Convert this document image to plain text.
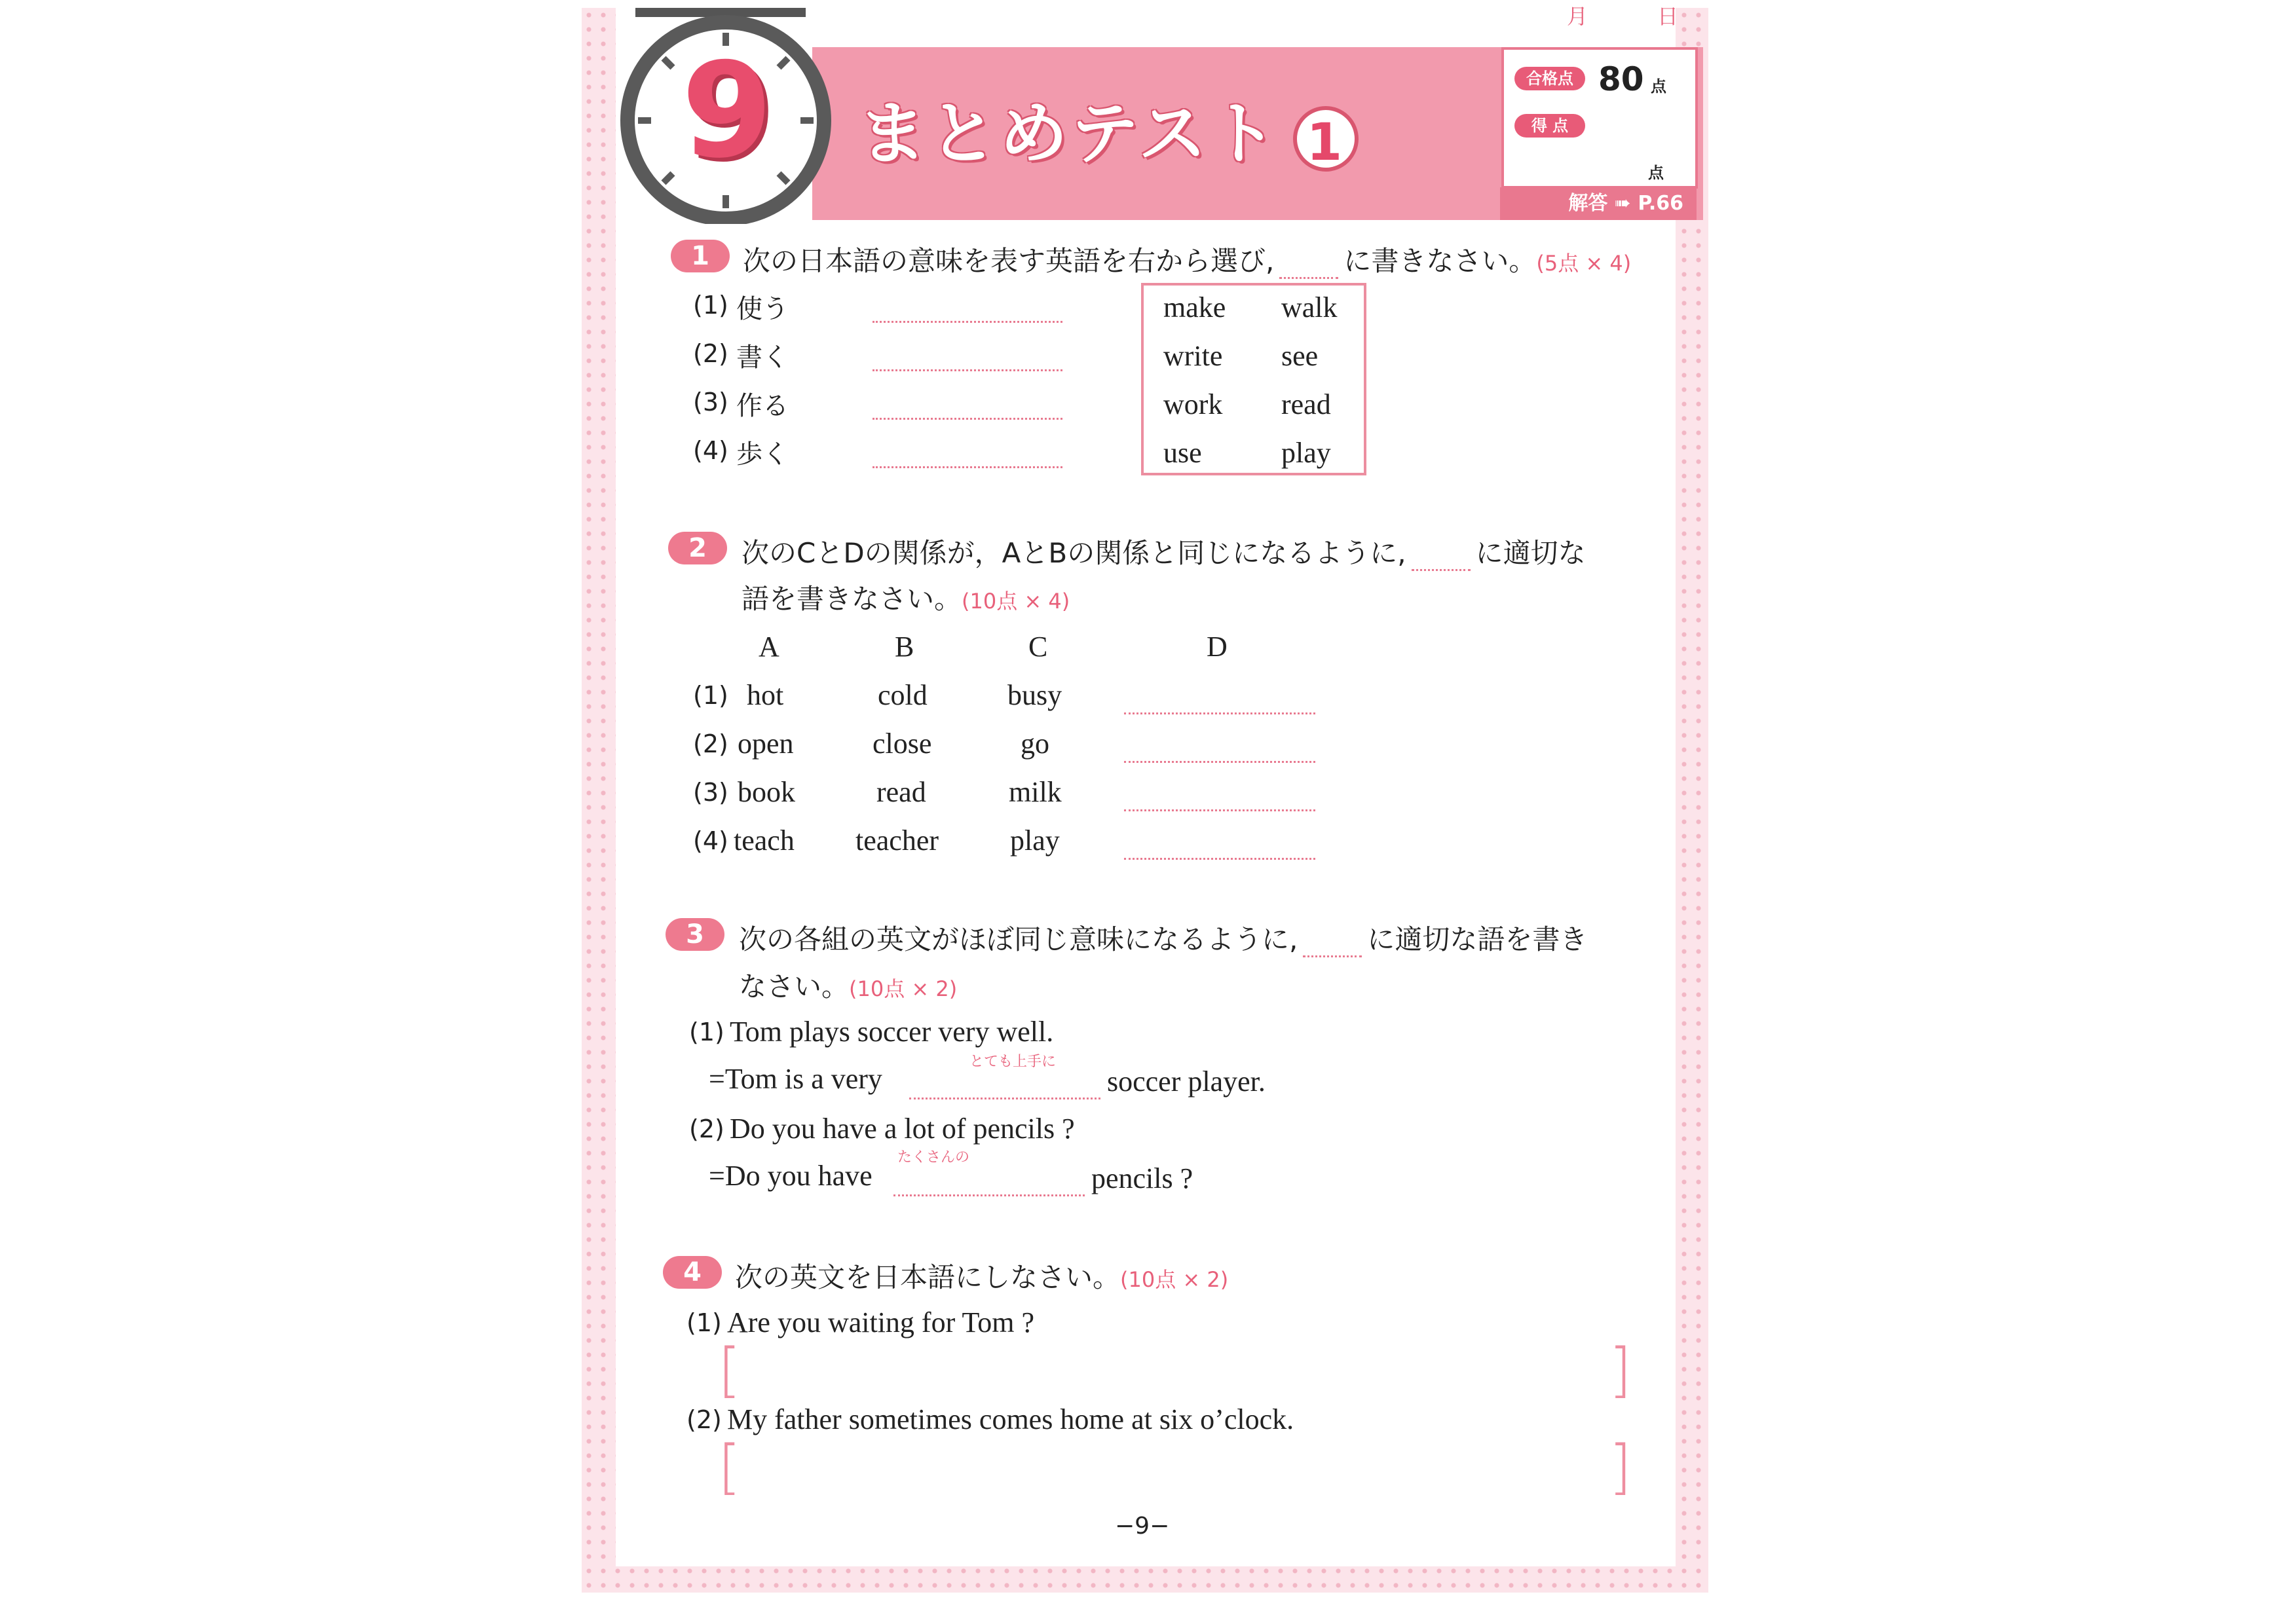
月	日
9 まとめテスト 1
合格点 80 点
得 点
点
解答 ➠ P.66
1	次の日本語の意味を表す英語を右から選び,	に書きなさい。(5点 × 4)
(1) 使う
(2) 書く
(3) 作る
(4) 歩く
make walk
write see
work read
use	play
2	次のCとDの関係が，AとBの関係と同じになるように,	に適切な
語を書きなさい。(10点 × 4)
A	B	C	D
(1) hot	cold	busy
(2) open	close	go
(3) book	read	milk
(4) teach teacher play
3	次の各組の英文がほぼ同じ意味になるように,	に適切な語を書き
なさい。(10点 × 2)
(1) Tom plays soccer very well.
とても上手に
=Tom is a very	soccer player.
(2) Do you have a lot of pencils ?
たくさんの
=Do you have	pencils ?
4	次の英文を日本語にしなさい。(10点 × 2)
(1) Are you waiting for Tom ?
[	]
(2) My father sometimes comes home at six o’clock.
[	]
−9−
